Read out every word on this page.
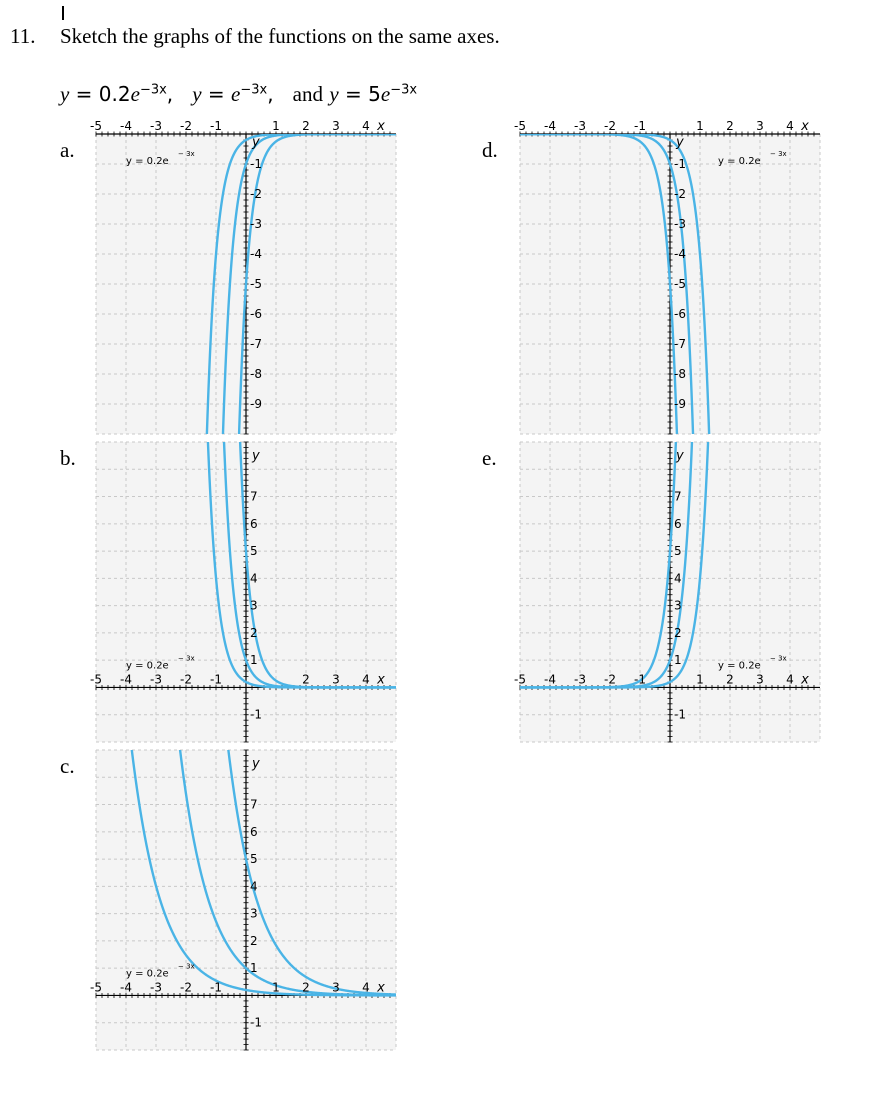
11. Sketch the graphs of the functions on the same axes.
$y = 0.2e^{-3x}$, $y = e^{-3x}$, and $y = 5e^{-3x}$
a.
b.
c.
d.
e.
-5 -4 -3 -2 -1	1 2 3 4 x
-1
-2
-3
-4
-5
-6
-7
-8
-9
y
y = 0.2e
− 3x
-5 -4 -3 -2 -1	2 3 4 x
7
6
5
4
3
2
1
-1
y
y = 0.2e
− 3x
-5 -4 -3 -2 -1	1 2 3 4 x
7
6
5
4
3
2
1
-1
y
y = 0.2e
− 3x
-5 -4 -3 -2 -1	1 2 3 4 x
-1
-2
-3
-4
-5
-6
-7
-8
-9
y
y = 0.2e
− 3x
-5 -4 -3 -2 -1	1 2 3 4 x
7
6
5
4
3
2
1
-1
y
y = 0.2e
− 3x
